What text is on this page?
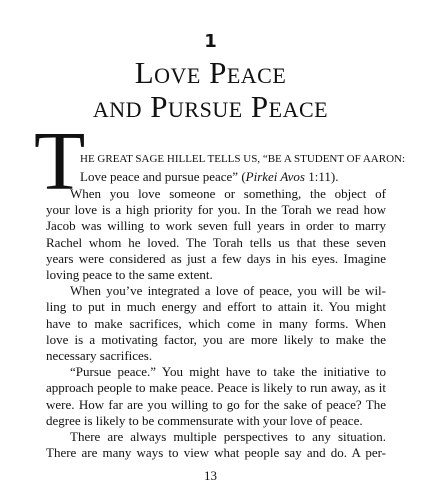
1
Love Peace
and Pursue Peace
T
HE GREAT SAGE HILLEL TELLS US, “BE A STUDENT OF AARON:
Love peace and pursue peace” (Pirkei Avos 1:11).
When you love someone or something, the object of
your love is a high priority for you. In the Torah we read how
Jacob was willing to work seven full years in order to marry
Rachel whom he loved. The Torah tells us that these seven
years were considered as just a few days in his eyes. Imagine
loving peace to the same extent.
When you’ve integrated a love of peace, you will be wil-
ling to put in much energy and effort to attain it. You might
have to make sacrifices, which come in many forms. When
love is a motivating factor, you are more likely to make the
necessary sacrifices.
“Pursue peace.” You might have to take the initiative to
approach people to make peace. Peace is likely to run away, as it
were. How far are you willing to go for the sake of peace? The
degree is likely to be commensurate with your love of peace.
13
There are always multiple perspectives to any situation.
There are many ways to view what people say and do. A per-
